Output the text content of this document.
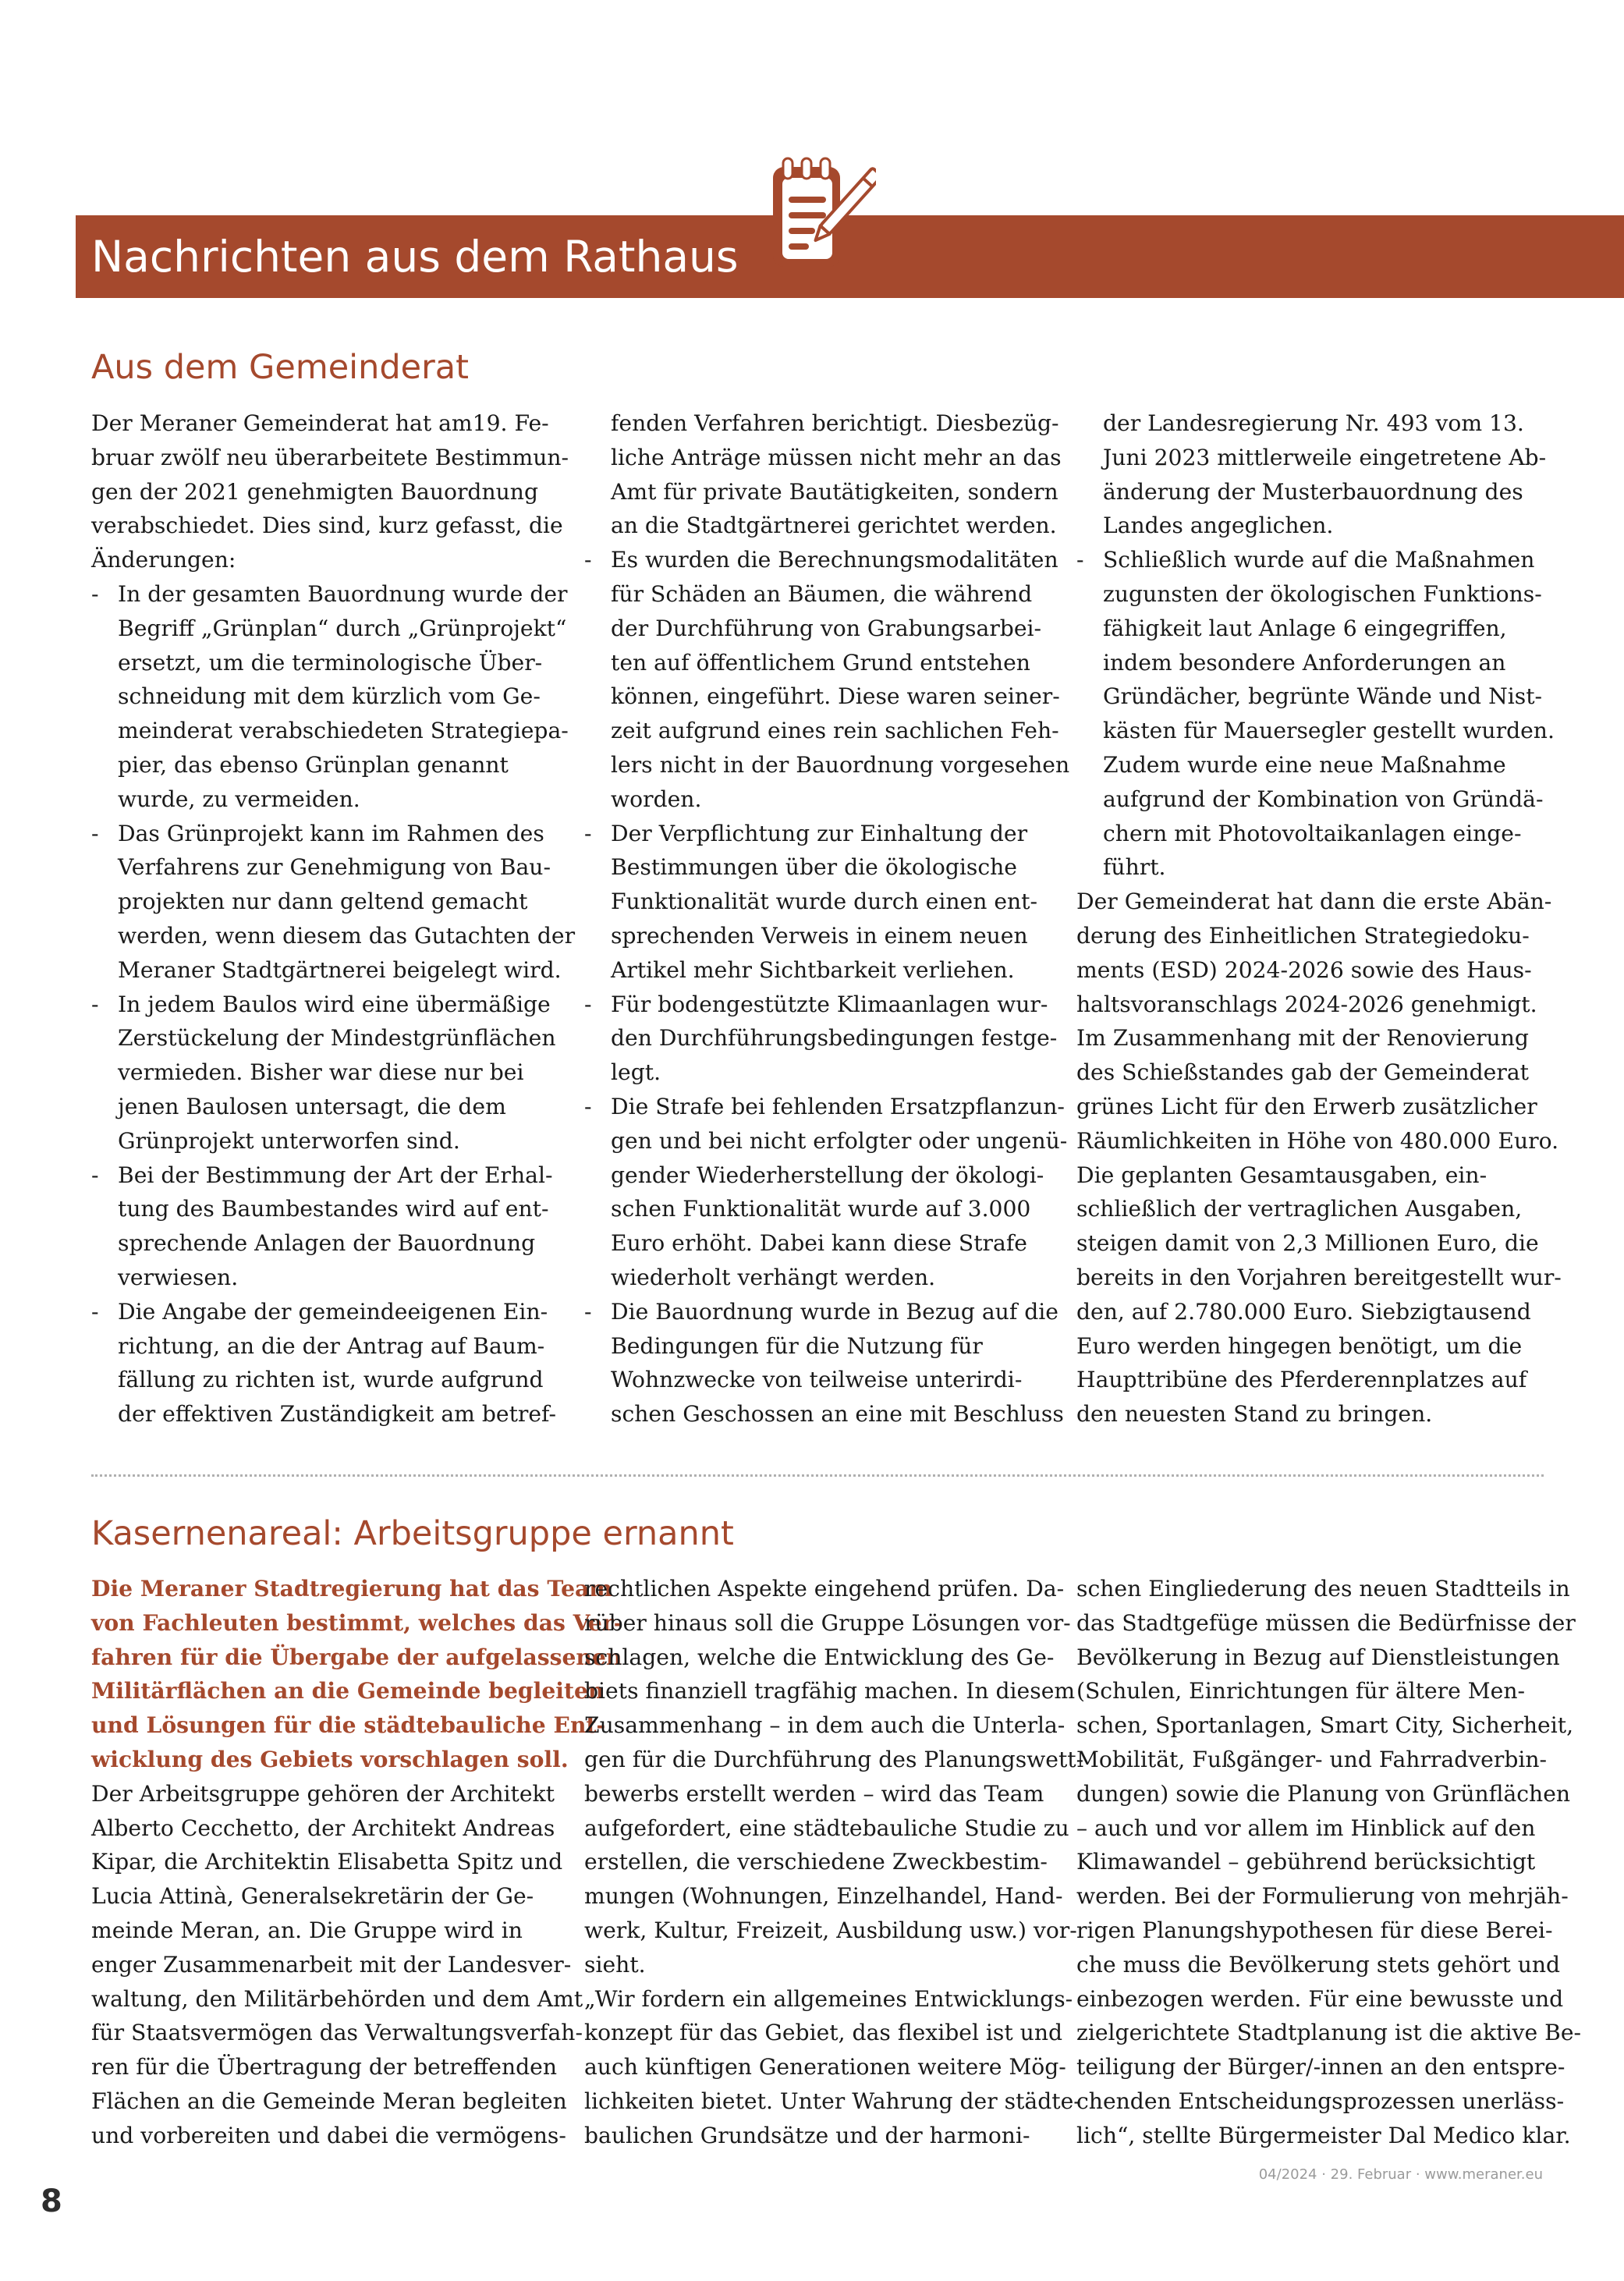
Nachrichten aus dem Rathaus
Aus dem Gemeinderat
Der Meraner Gemeinderat hat am19. Fe-
bruar zwölf neu überarbeitete Bestimmun-
gen der 2021 genehmigten Bauordnung
verabschiedet. Dies sind, kurz gefasst, die
Änderungen:
- In der gesamten Bauordnung wurde der
Begriff „Grünplan“ durch „Grünprojekt“
ersetzt, um die terminologische Über-
schneidung mit dem kürzlich vom Ge-
meinderat verabschiedeten Strategiepa-
pier, das ebenso Grünplan genannt
wurde, zu vermeiden.
- Das Grünprojekt kann im Rahmen des
Verfahrens zur Genehmigung von Bau-
projekten nur dann geltend gemacht
werden, wenn diesem das Gutachten der
Meraner Stadtgärtnerei beigelegt wird.
- In jedem Baulos wird eine übermäßige
Zerstückelung der Mindestgrünflächen
vermieden. Bisher war diese nur bei
jenen Baulosen untersagt, die dem
Grünprojekt unterworfen sind.
- Bei der Bestimmung der Art der Erhal-
tung des Baumbestandes wird auf ent-
sprechende Anlagen der Bauordnung
verwiesen.
- Die Angabe der gemeindeeigenen Ein-
richtung, an die der Antrag auf Baum-
fällung zu richten ist, wurde aufgrund
der effektiven Zuständigkeit am betref-
fenden Verfahren berichtigt. Diesbezüg-
liche Anträge müssen nicht mehr an das
Amt für private Bautätigkeiten, sondern
an die Stadtgärtnerei gerichtet werden.
- Es wurden die Berechnungsmodalitäten
für Schäden an Bäumen, die während
der Durchführung von Grabungsarbei-
ten auf öffentlichem Grund entstehen
können, eingeführt. Diese waren seiner-
zeit aufgrund eines rein sachlichen Feh-
lers nicht in der Bauordnung vorgesehen
worden.
- Der Verpflichtung zur Einhaltung der
Bestimmungen über die ökologische
Funktionalität wurde durch einen ent-
sprechenden Verweis in einem neuen
Artikel mehr Sichtbarkeit verliehen.
- Für bodengestützte Klimaanlagen wur-
den Durchführungsbedingungen festge-
legt.
- Die Strafe bei fehlenden Ersatzpflanzun-
gen und bei nicht erfolgter oder ungenü-
gender Wiederherstellung der ökologi-
schen Funktionalität wurde auf 3.000
Euro erhöht. Dabei kann diese Strafe
wiederholt verhängt werden.
- Die Bauordnung wurde in Bezug auf die
Bedingungen für die Nutzung für
Wohnzwecke von teilweise unterirdi-
schen Geschossen an eine mit Beschluss
der Landesregierung Nr. 493 vom 13.
Juni 2023 mittlerweile eingetretene Ab-
änderung der Musterbauordnung des
Landes angeglichen.
- Schließlich wurde auf die Maßnahmen
zugunsten der ökologischen Funktions-
fähigkeit laut Anlage 6 eingegriffen,
indem besondere Anforderungen an
Gründächer, begrünte Wände und Nist-
kästen für Mauersegler gestellt wurden.
Zudem wurde eine neue Maßnahme
aufgrund der Kombination von Gründä-
chern mit Photovoltaikanlagen einge-
führt.
Der Gemeinderat hat dann die erste Abän-
derung des Einheitlichen Strategiedoku-
ments (ESD) 2024-2026 sowie des Haus-
haltsvoranschlags 2024-2026 genehmigt.
Im Zusammenhang mit der Renovierung
des Schießstandes gab der Gemeinderat
grünes Licht für den Erwerb zusätzlicher
Räumlichkeiten in Höhe von 480.000 Euro.
Die geplanten Gesamtausgaben, ein-
schließlich der vertraglichen Ausgaben,
steigen damit von 2,3 Millionen Euro, die
bereits in den Vorjahren bereitgestellt wur-
den, auf 2.780.000 Euro. Siebzigtausend
Euro werden hingegen benötigt, um die
Haupttribüne des Pferderennplatzes auf
den neuesten Stand zu bringen.
Kasernenareal: Arbeitsgruppe ernannt
Die Meraner Stadtregierung hat das Team
von Fachleuten bestimmt, welches das Ver-
fahren für die Übergabe der aufgelassenen
Militärflächen an die Gemeinde begleiten
und Lösungen für die städtebauliche Ent-
wicklung des Gebiets vorschlagen soll.
Der Arbeitsgruppe gehören der Architekt
Alberto Cecchetto, der Architekt Andreas
Kipar, die Architektin Elisabetta Spitz und
Lucia Attinà, Generalsekretärin der Ge-
meinde Meran, an. Die Gruppe wird in
enger Zusammenarbeit mit der Landesver-
waltung, den Militärbehörden und dem Amt
für Staatsvermögen das Verwaltungsverfah-
ren für die Übertragung der betreffenden
Flächen an die Gemeinde Meran begleiten
und vorbereiten und dabei die vermögens-
rechtlichen Aspekte eingehend prüfen. Da-
rüber hinaus soll die Gruppe Lösungen vor-
schlagen, welche die Entwicklung des Ge-
biets finanziell tragfähig machen. In diesem
Zusammenhang – in dem auch die Unterla-
gen für die Durchführung des Planungswett-
bewerbs erstellt werden – wird das Team
aufgefordert, eine städtebauliche Studie zu
erstellen, die verschiedene Zweckbestim-
mungen (Wohnungen, Einzelhandel, Hand-
werk, Kultur, Freizeit, Ausbildung usw.) vor-
sieht.
„Wir fordern ein allgemeines Entwicklungs-
konzept für das Gebiet, das flexibel ist und
auch künftigen Generationen weitere Mög-
lichkeiten bietet. Unter Wahrung der städte-
baulichen Grundsätze und der harmoni-
schen Eingliederung des neuen Stadtteils in
das Stadtgefüge müssen die Bedürfnisse der
Bevölkerung in Bezug auf Dienstleistungen
(Schulen, Einrichtungen für ältere Men-
schen, Sportanlagen, Smart City, Sicherheit,
Mobilität, Fußgänger- und Fahrradverbin-
dungen) sowie die Planung von Grünflächen
– auch und vor allem im Hinblick auf den
Klimawandel – gebührend berücksichtigt
werden. Bei der Formulierung von mehrjäh-
rigen Planungshypothesen für diese Berei-
che muss die Bevölkerung stets gehört und
einbezogen werden. Für eine bewusste und
zielgerichtete Stadtplanung ist die aktive Be-
teiligung der Bürger/-innen an den entspre-
chenden Entscheidungsprozessen unerläss-
lich“, stellte Bürgermeister Dal Medico klar.
8
04/2024 · 29. Februar · www.meraner.eu
